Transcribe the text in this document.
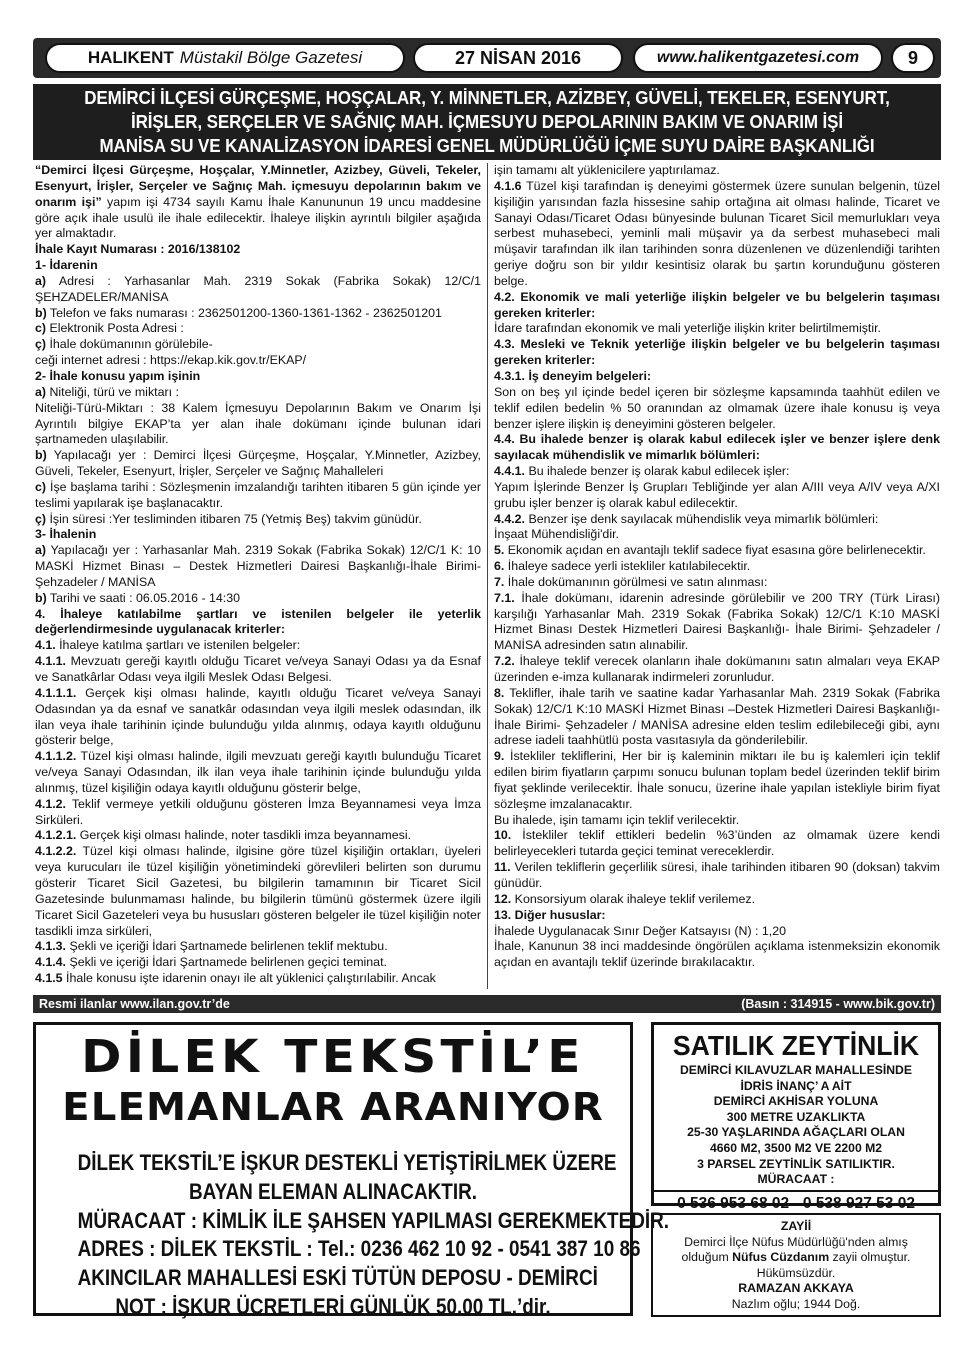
HALIKENT Müstakil Bölge Gazetesi	27 NİSAN 2016	www.halikentgazetesi.com	9
DEMİRCİ İLÇESİ GÜRÇEŞME, HOŞÇALAR, Y. MİNNETLER, AZİZBEY, GÜVELİ, TEKELER, ESENYURT,
İRİŞLER, SERÇELER VE SAĞNIÇ MAH. İÇMESUYU DEPOLARININ BAKIM VE ONARIM İŞİ
MANİSA SU VE KANALİZASYON İDARESİ GENEL MÜDÜRLÜĞÜ İÇME SUYU DAİRE BAŞKANLIĞI

“Demirci İlçesi Gürçeşme, Hoşçalar, Y.Minnetler, Azizbey, Güveli, Tekeler, Esenyurt, İrişler, Serçeler ve Sağnıç Mah. içmesuyu depolarının bakım ve onarım işi” yapım işi 4734 sayılı Kamu İhale Kanununun 19 uncu maddesine göre açık ihale usulü ile ihale edilecektir. İhaleye ilişkin ayrıntılı bilgiler aşağıda yer almaktadır.

İhale Kayıt Numarası : 2016/138102

1- İdarenin

a) Adresi : Yarhasanlar Mah. 2319 Sokak (Fabrika Sokak) 12/C/1 ŞEHZADELER/MANİSA

b) Telefon ve faks numarası : 2362501200-1360-1361-1362 - 2362501201

c) Elektronik Posta Adresi :

ç) İhale dokümanının görülebile-

ceği internet adresi : https://ekap.kik.gov.tr/EKAP/

2- İhale konusu yapım işinin

a) Niteliği, türü ve miktarı :

Niteliği-Türü-Miktarı : 38 Kalem İçmesuyu Depolarının Bakım ve Onarım İşi Ayrıntılı bilgiye EKAP’ta yer alan ihale dokümanı içinde bulunan idari şartnameden ulaşılabilir.

b) Yapılacağı yer : Demirci İlçesi Gürçeşme, Hoşçalar, Y.Minnetler, Azizbey, Güveli, Tekeler, Esenyurt, İrişler, Serçeler ve Sağnıç Mahalleleri

c) İşe başlama tarihi : Sözleşmenin imzalandığı tarihten itibaren 5 gün içinde yer teslimi yapılarak işe başlanacaktır.

ç) İşin süresi :Yer tesliminden itibaren 75 (Yetmiş Beş) takvim günüdür.

3- İhalenin

a) Yapılacağı yer : Yarhasanlar Mah. 2319 Sokak (Fabrika Sokak) 12/C/1 K: 10 MASKİ Hizmet Binası – Destek Hizmetleri Dairesi Başkanlığı-İhale Birimi- Şehzadeler / MANİSA

b) Tarihi ve saati : 06.05.2016 - 14:30

4. İhaleye katılabilme şartları ve istenilen belgeler ile yeterlik değerlendirmesinde uygulanacak kriterler:

4.1. İhaleye katılma şartları ve istenilen belgeler:

4.1.1. Mevzuatı gereği kayıtlı olduğu Ticaret ve/veya Sanayi Odası ya da Esnaf ve Sanatkârlar Odası veya ilgili Meslek Odası Belgesi.

4.1.1.1. Gerçek kişi olması halinde, kayıtlı olduğu Ticaret ve/veya Sanayi Odasından ya da esnaf ve sanatkâr odasından veya ilgili meslek odasından, ilk ilan veya ihale tarihinin içinde bulunduğu yılda alınmış, odaya kayıtlı olduğunu gösterir belge,

4.1.1.2. Tüzel kişi olması halinde, ilgili mevzuatı gereği kayıtlı bulunduğu Ticaret ve/veya Sanayi Odasından, ilk ilan veya ihale tarihinin içinde bulunduğu yılda alınmış, tüzel kişiliğin odaya kayıtlı olduğunu gösterir belge,

4.1.2. Teklif vermeye yetkili olduğunu gösteren İmza Beyannamesi veya İmza Sirküleri.

4.1.2.1. Gerçek kişi olması halinde, noter tasdikli imza beyannamesi.

4.1.2.2. Tüzel kişi olması halinde, ilgisine göre tüzel kişiliğin ortakları, üyeleri veya kurucuları ile tüzel kişiliğin yönetimindeki görevlileri belirten son durumu gösterir Ticaret Sicil Gazetesi, bu bilgilerin tamamının bir Ticaret Sicil Gazetesinde bulunmaması halinde, bu bilgilerin tümünü göstermek üzere ilgili Ticaret Sicil Gazeteleri veya bu hususları gösteren belgeler ile tüzel kişiliğin noter tasdikli imza sirküleri,

4.1.3. Şekli ve içeriği İdari Şartnamede belirlenen teklif mektubu.

4.1.4. Şekli ve içeriği İdari Şartnamede belirlenen geçici teminat.

4.1.5 İhale konusu işte idarenin onayı ile alt yüklenici çalıştırılabilir. Ancak

işin tamamı alt yüklenicilere yaptırılamaz.

4.1.6 Tüzel kişi tarafından iş deneyimi göstermek üzere sunulan belgenin, tüzel kişiliğin yarısından fazla hissesine sahip ortağına ait olması halinde, Ticaret ve Sanayi Odası/Ticaret Odası bünyesinde bulunan Ticaret Sicil memurlukları veya serbest muhasebeci, yeminli mali müşavir ya da serbest muhasebeci mali müşavir tarafından ilk ilan tarihinden sonra düzenlenen ve düzenlendiği tarihten geriye doğru son bir yıldır kesintisiz olarak bu şartın korunduğunu gösteren belge.

4.2. Ekonomik ve mali yeterliğe ilişkin belgeler ve bu belgelerin taşıması gereken kriterler:

İdare tarafından ekonomik ve mali yeterliğe ilişkin kriter belirtilmemiştir.

4.3. Mesleki ve Teknik yeterliğe ilişkin belgeler ve bu belgelerin taşıması gereken kriterler:

4.3.1. İş deneyim belgeleri:

Son on beş yıl içinde bedel içeren bir sözleşme kapsamında taahhüt edilen ve teklif edilen bedelin % 50 oranından az olmamak üzere ihale konusu iş veya benzer işlere ilişkin iş deneyimini gösteren belgeler.

4.4. Bu ihalede benzer iş olarak kabul edilecek işler ve benzer işlere denk sayılacak mühendislik ve mimarlık bölümleri:

4.4.1. Bu ihalede benzer iş olarak kabul edilecek işler:

Yapım İşlerinde Benzer İş Grupları Tebliğinde yer alan A/III veya A/IV veya A/XI grubu işler benzer iş olarak kabul edilecektir.

4.4.2. Benzer işe denk sayılacak mühendislik veya mimarlık bölümleri:

İnşaat Mühendisliği'dir.

5. Ekonomik açıdan en avantajlı teklif sadece fiyat esasına göre belirlenecektir.

6. İhaleye sadece yerli istekliler katılabilecektir.

7. İhale dokümanının görülmesi ve satın alınması:

7.1. İhale dokümanı, idarenin adresinde görülebilir ve 200 TRY (Türk Lirası) karşılığı Yarhasanlar Mah. 2319 Sokak (Fabrika Sokak) 12/C/1 K:10 MASKİ Hizmet Binası Destek Hizmetleri Dairesi Başkanlığı- İhale Birimi- Şehzadeler / MANİSA adresinden satın alınabilir.

7.2. İhaleye teklif verecek olanların ihale dokümanını satın almaları veya EKAP üzerinden e-imza kullanarak indirmeleri zorunludur.

8. Teklifler, ihale tarih ve saatine kadar Yarhasanlar Mah. 2319 Sokak (Fabrika Sokak) 12/C/1 K:10 MASKİ Hizmet Binası –Destek Hizmetleri Dairesi Başkanlığı- İhale Birimi- Şehzadeler / MANİSA adresine elden teslim edilebileceği gibi, aynı adrese iadeli taahhütlü posta vasıtasıyla da gönderilebilir.

9. İstekliler tekliflerini, Her bir iş kaleminin miktarı ile bu iş kalemleri için teklif edilen birim fiyatların çarpımı sonucu bulunan toplam bedel üzerinden teklif birim fiyat şeklinde verilecektir. İhale sonucu, üzerine ihale yapılan istekliyle birim fiyat sözleşme imzalanacaktır.

Bu ihalede, işin tamamı için teklif verilecektir.

10. İstekliler teklif ettikleri bedelin %3’ünden az olmamak üzere kendi belirleyecekleri tutarda geçici teminat vereceklerdir.

11. Verilen tekliflerin geçerlilik süresi, ihale tarihinden itibaren 90 (doksan) takvim günüdür.

12. Konsorsiyum olarak ihaleye teklif verilemez.

13. Diğer hususlar:

İhalede Uygulanacak Sınır Değer Katsayısı (N) : 1,20

İhale, Kanunun 38 inci maddesinde öngörülen açıklama istenmeksizin ekonomik açıdan en avantajlı teklif üzerinde bırakılacaktır.

Resmi ilanlar www.ilan.gov.tr’de	(Basın : 314915 - www.bik.gov.tr)
DİLEK TEKSTİL’E
ELEMANLAR ARANIYOR
DİLEK TEKSTİL’E İŞKUR DESTEKLİ YETİŞTİRİLMEK ÜZERE
BAYAN ELEMAN ALINACAKTIR.
MÜRACAAT : KİMLİK İLE ŞAHSEN YAPILMASI GEREKMEKTEDİR.
ADRES : DİLEK TEKSTİL : Tel.: 0236 462 10 92 - 0541 387 10 86
AKINCILAR MAHALLESİ ESKİ TÜTÜN DEPOSU - DEMİRCİ
NOT : İŞKUR ÜCRETLERİ GÜNLÜK 50.00 TL.’dir.
SATILIK ZEYTİNLİK
DEMİRCİ KILAVUZLAR MAHALLESİNDE
İDRİS İNANÇ’ A AİT
DEMİRCİ AKHİSAR YOLUNA
300 METRE UZAKLIKTA
25-30 YAŞLARINDA AĞAÇLARI OLAN
4660 M2, 3500 M2 VE 2200 M2
3 PARSEL ZEYTİNLİK SATILIKTIR.
MÜRACAAT :
0 536 953 68 02 - 0 538 927 53 02
ZAYİİ
Demirci İlçe Nüfus Müdürlüğü'nden almış
olduğum Nüfus Cüzdanım zayii olmuştur.
Hükümsüzdür.
RAMAZAN AKKAYA
Nazlım oğlu; 1944 Doğ.
